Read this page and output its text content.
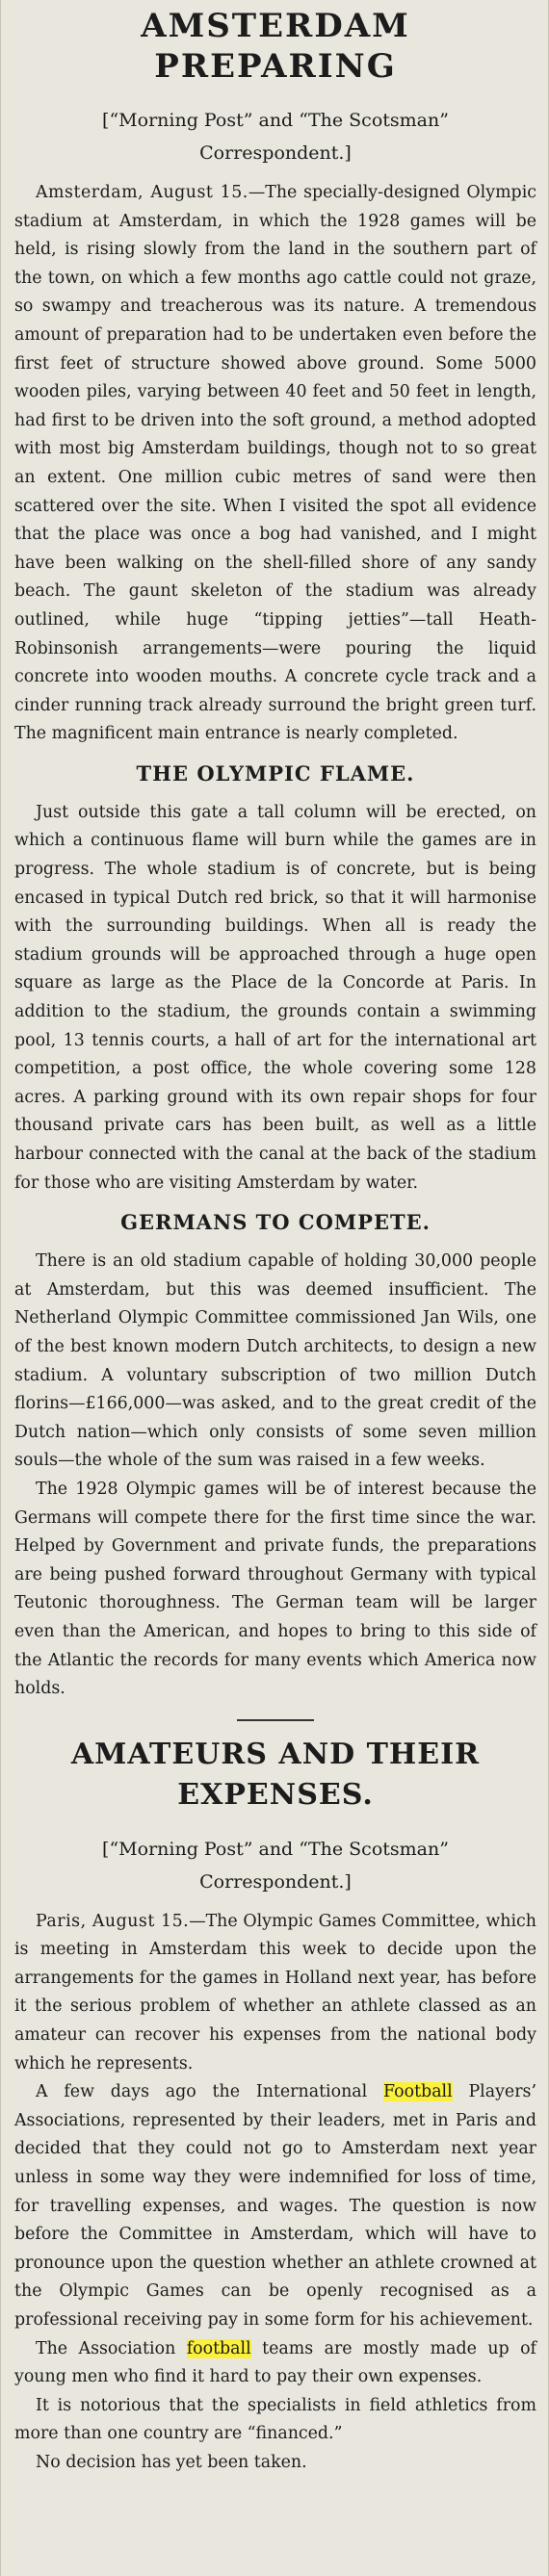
AMSTERDAM PREPARING
[“Morning Post” and “The Scotsman”
Correspondent.]

Amsterdam, August 15.—The specially-designed Olympic stadium at Amsterdam, in which the 1928 games will be held, is rising slowly from the land in the southern part of the town, on which a few months ago cattle could not graze, so swampy and treacherous was its nature. A tremendous amount of preparation had to be undertaken even before the first feet of structure showed above ground. Some 5000 wooden piles, varying between 40 feet and 50 feet in length, had first to be driven into the soft ground, a method adopted with most big Amsterdam buildings, though not to so great an extent. One million cubic metres of sand were then scattered over the site. When I visited the spot all evidence that the place was once a bog had vanished, and I might have been walking on the shell-filled shore of any sandy beach. The gaunt skeleton of the stadium was already outlined, while huge “tipping jetties”—tall Heath-Robinsonish arrangements—were pouring the liquid concrete into wooden mouths. A concrete cycle track and a cinder running track already surround the bright green turf. The magnificent main entrance is nearly completed.

THE OLYMPIC FLAME.

Just outside this gate a tall column will be erected, on which a continuous flame will burn while the games are in progress. The whole stadium is of concrete, but is being encased in typical Dutch red brick, so that it will harmonise with the surrounding buildings. When all is ready the stadium grounds will be approached through a huge open square as large as the Place de la Concorde at Paris. In addition to the stadium, the grounds contain a swimming pool, 13 tennis courts, a hall of art for the international art competition, a post office, the whole covering some 128 acres. A parking ground with its own repair shops for four thousand private cars has been built, as well as a little harbour connected with the canal at the back of the stadium for those who are visiting Amsterdam by water.

GERMANS TO COMPETE.

There is an old stadium capable of holding 30,000 people at Amsterdam, but this was deemed insufficient. The Netherland Olympic Committee commissioned Jan Wils, one of the best known modern Dutch architects, to design a new stadium. A voluntary subscription of two million Dutch florins—£166,000—was asked, and to the great credit of the Dutch nation—which only consists of some seven million souls—the whole of the sum was raised in a few weeks.

The 1928 Olympic games will be of interest because the Germans will compete there for the first time since the war. Helped by Government and private funds, the preparations are being pushed forward throughout Germany with typical Teutonic thoroughness. The German team will be larger even than the American, and hopes to bring to this side of the Atlantic the records for many events which America now holds.

AMATEURS AND THEIR EXPENSES.
[“Morning Post” and “The Scotsman”
Correspondent.]

Paris, August 15.—The Olympic Games Committee, which is meeting in Amsterdam this week to decide upon the arrangements for the games in Holland next year, has before it the serious problem of whether an athlete classed as an amateur can recover his expenses from the national body which he represents.

A few days ago the International Football Players’ Associations, represented by their leaders, met in Paris and decided that they could not go to Amsterdam next year unless in some way they were indemnified for loss of time, for travelling expenses, and wages. The question is now before the Committee in Amsterdam, which will have to pronounce upon the question whether an athlete crowned at the Olympic Games can be openly recognised as a professional receiving pay in some form for his achievement.

The Association football teams are mostly made up of young men who find it hard to pay their own expenses.

It is notorious that the specialists in field athletics from more than one country are “financed.”

No decision has yet been taken.
